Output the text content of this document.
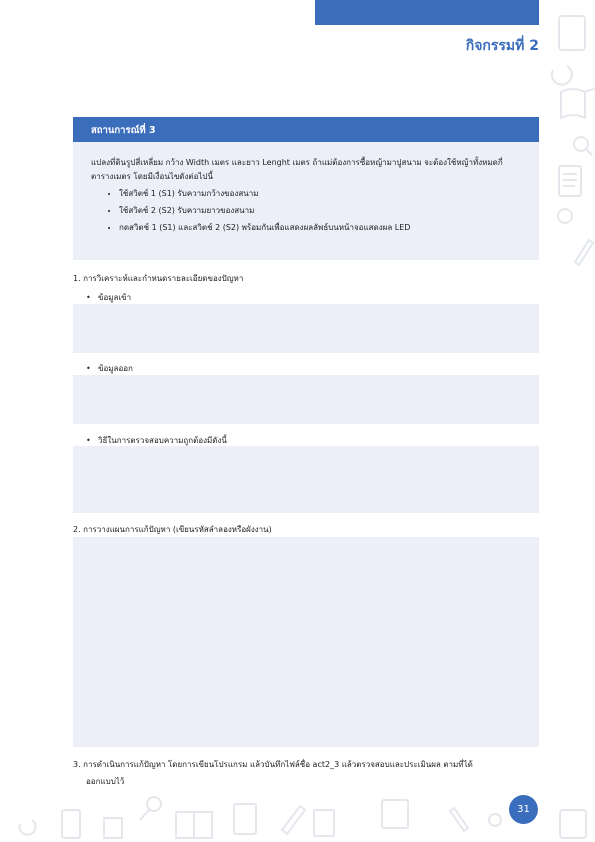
กิจกรรมที่ 2
สถานการณ์ที่ 3

แปลงที่ดินรูปสี่เหลี่ยม กว้าง Width เมตร และยาว Lenght เมตร ถ้าแม่ต้องการซื้อหญ้ามาปูสนาม จะต้องใช้หญ้าทั้งหมดกี่ตารางเมตร โดยมีเงื่อนไขดังต่อไปนี้

• ใช้สวิตช์ 1 (S1) รับความกว้างของสนาม
• ใช้สวิตช์ 2 (S2) รับความยาวของสนาม
• กดสวิตช์ 1 (S1) และสวิตช์ 2 (S2) พร้อมกันเพื่อแสดงผลลัพธ์บนหน้าจอแสดงผล LED
1. การวิเคราะห์และกำหนดรายละเอียดของปัญหา
• ข้อมูลเข้า
• ข้อมูลออก
• วิธีในการตรวจสอบความถูกต้องมีดังนี้
2. การวางแผนการแก้ปัญหา (เขียนรหัสลำลองหรือผังงาน)
3. การดำเนินการแก้ปัญหา โดยการเขียนโปรแกรม แล้วบันทึกไฟล์ชื่อ act2_3 แล้วตรวจสอบและประเมินผล ตามที่ได้
ออกแบบไว้
31
